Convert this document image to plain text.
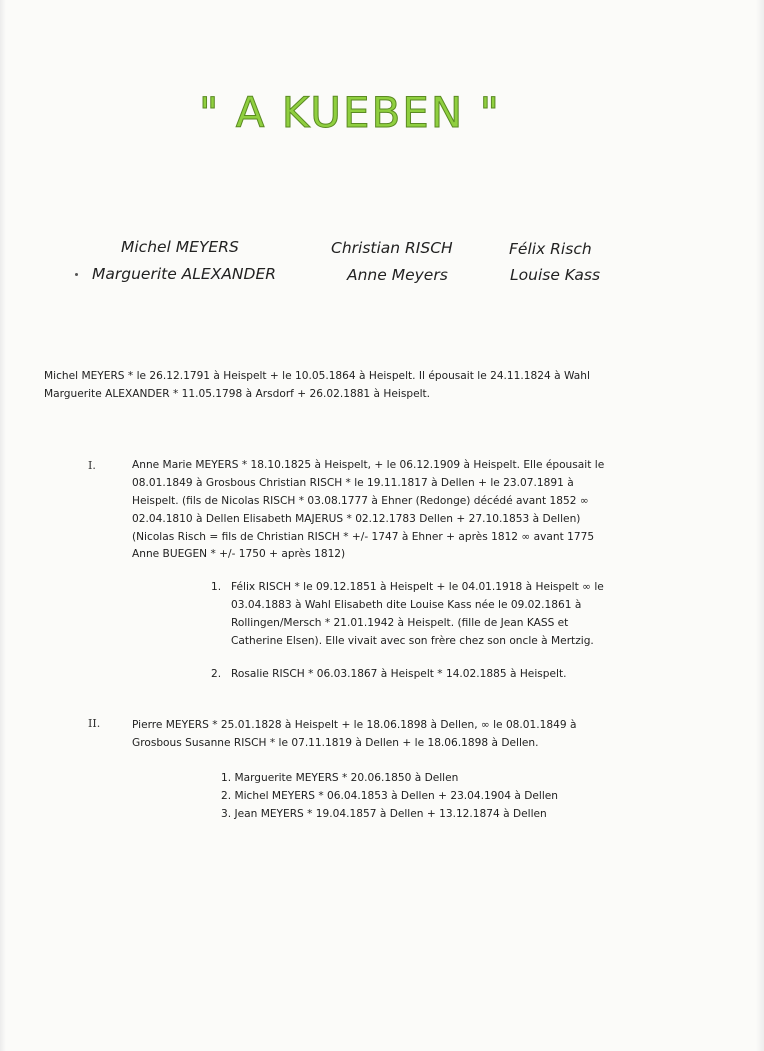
" A KUEBEN "
Michel MEYERS
Marguerite ALEXANDER
Christian RISCH
Anne Meyers
Félix Risch
Louise Kass
Michel MEYERS * le 26.12.1791 à Heispelt + le 10.05.1864 à Heispelt. Il épousait le 24.11.1824 à Wahl
Marguerite ALEXANDER * 11.05.1798 à Arsdorf + 26.02.1881 à Heispelt.
I.	Anne Marie MEYERS * 18.10.1825 à Heispelt, + le 06.12.1909 à Heispelt. Elle épousait le
08.01.1849 à Grosbous Christian RISCH * le 19.11.1817 à Dellen + le 23.07.1891 à
Heispelt. (fils de Nicolas RISCH * 03.08.1777 à Ehner (Redonge) décédé avant 1852 ∞
02.04.1810 à Dellen Elisabeth MAJERUS * 02.12.1783 Dellen + 27.10.1853 à Dellen)
(Nicolas Risch = fils de Christian RISCH * +/- 1747 à Ehner + après 1812 ∞ avant 1775
Anne BUEGEN * +/- 1750 + après 1812)
1. Félix RISCH * le 09.12.1851 à Heispelt + le 04.01.1918 à Heispelt ∞ le
03.04.1883 à Wahl Elisabeth dite Louise Kass née le 09.02.1861 à
Rollingen/Mersch * 21.01.1942 à Heispelt. (fille de Jean KASS et
Catherine Elsen). Elle vivait avec son frère chez son oncle à Mertzig.
2. Rosalie RISCH * 06.03.1867 à Heispelt * 14.02.1885 à Heispelt.
II.	Pierre MEYERS * 25.01.1828 à Heispelt + le 18.06.1898 à Dellen, ∞ le 08.01.1849 à
Grosbous Susanne RISCH * le 07.11.1819 à Dellen + le 18.06.1898 à Dellen.
1. Marguerite MEYERS * 20.06.1850 à Dellen
2. Michel MEYERS * 06.04.1853 à Dellen + 23.04.1904 à Dellen
3. Jean MEYERS * 19.04.1857 à Dellen + 13.12.1874 à Dellen
